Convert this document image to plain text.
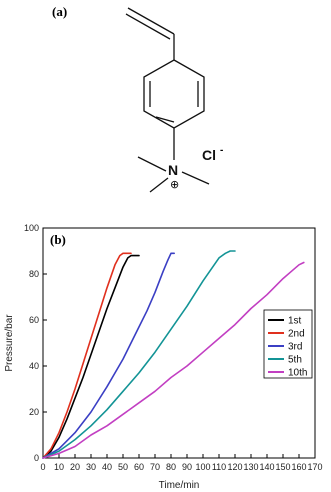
(a)
N
⊕
Cl -
(b)
0
20
40
60
80
100
0 10 20 30 40 50 60 70 80 90 100 110 120 130 140 150 160 170
Pressure/bar
Time/min
1st
2nd
3rd
5th
10th
